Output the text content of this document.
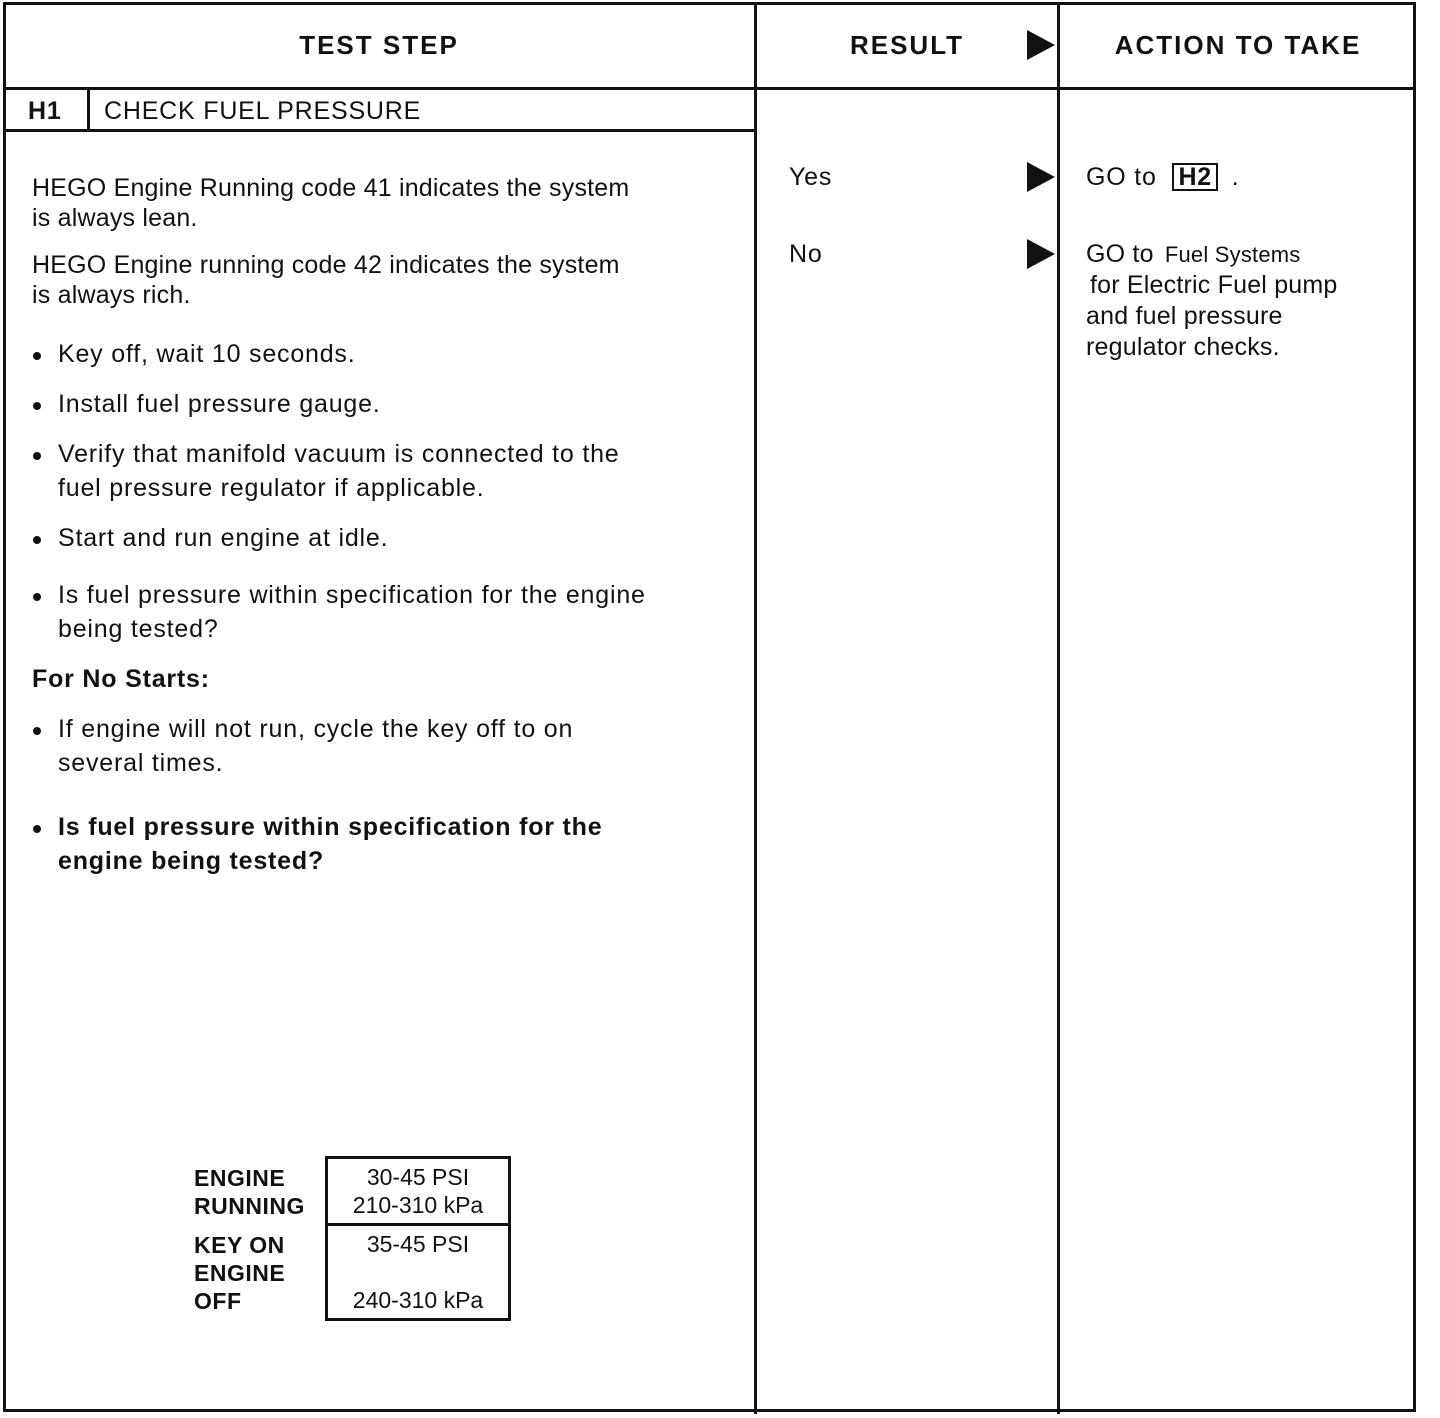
TEST STEP	RESULT	ACTION TO TAKE
H1 CHECK FUEL PRESSURE
HEGO Engine Running code 41 indicates the system
is always lean.
HEGO Engine running code 42 indicates the system
is always rich.
Key off, wait 10 seconds.
Install fuel pressure gauge.
Verify that manifold vacuum is connected to the
fuel pressure regulator if applicable.
Start and run engine at idle.
Is fuel pressure within specification for the engine
being tested?
For No Starts:
If engine will not run, cycle the key off to on
several times.
Is fuel pressure within specification for the
engine being tested?
ENGINE
RUNNING
KEY ON
ENGINE
OFF
30-45 PSI
210-310 kPa
35-45 PSI
240-310 kPa
Yes
No
GO to H2 .
GO to Fuel Systems
for Electric Fuel pump
and fuel pressure
regulator checks.
